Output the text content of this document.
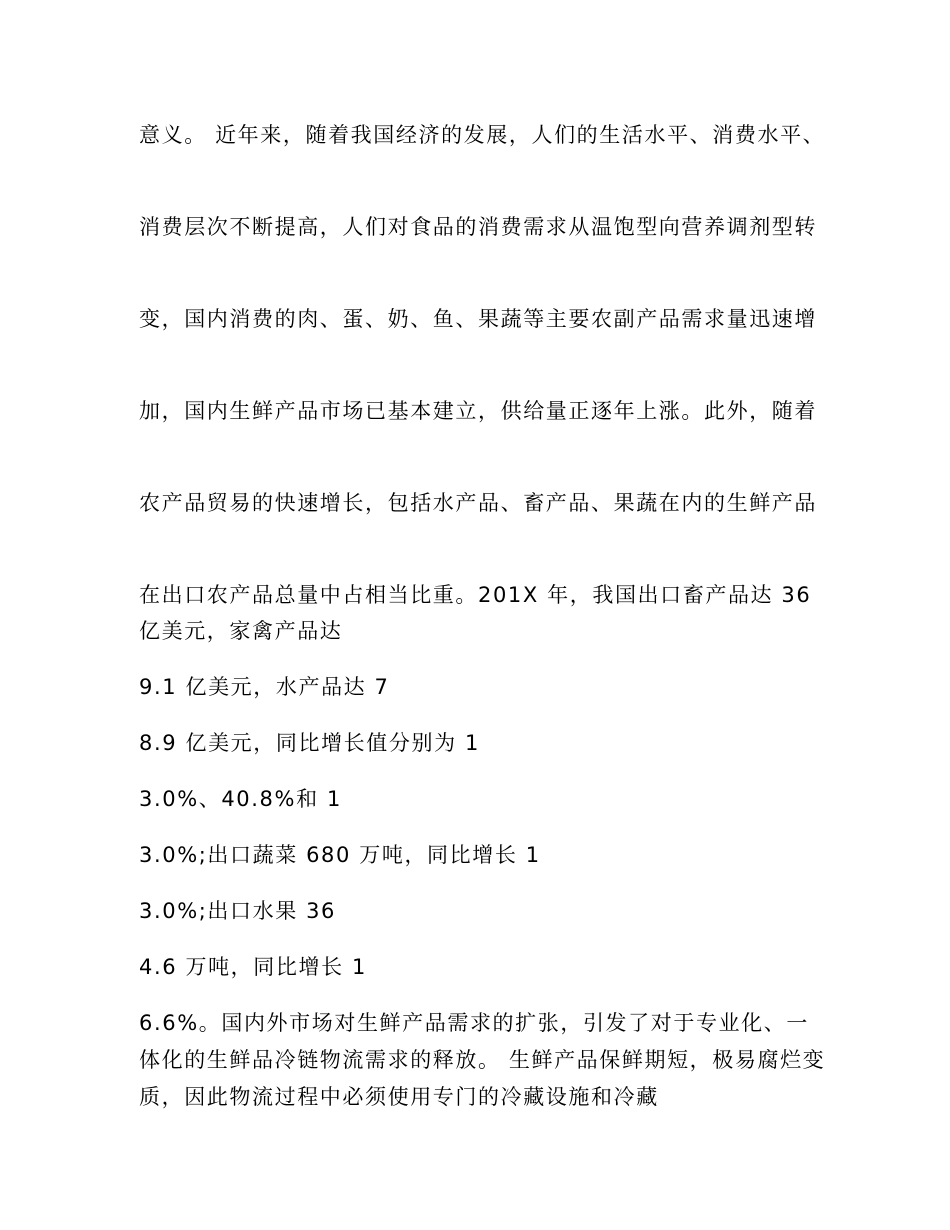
意义。 近年来，随着我国经济的发展，人们的生活水平、消费水平、

消费层次不断提高，人们对食品的消费需求从温饱型向营养调剂型转

变，国内消费的肉、蛋、奶、鱼、果蔬等主要农副产品需求量迅速增

加，国内生鲜产品市场已基本建立，供给量正逐年上涨。此外，随着

农产品贸易的快速增长，包括水产品、畜产品、果蔬在内的生鲜产品

在出口农产品总量中占相当比重。201X 年，我国出口畜产品达 36 亿美元，家禽产品达

9.1 亿美元，水产品达 7

8.9 亿美元，同比增长值分别为 1

3.0%、40.8%和 1

3.0%;出口蔬菜 680 万吨，同比增长 1

3.0%;出口水果 36

4.6 万吨，同比增长 1

6.6%。国内外市场对生鲜产品需求的扩张，引发了对于专业化、一体化的生鲜品冷链物流需求的释放。 生鲜产品保鲜期短，极易腐烂变质，因此物流过程中必须使用专门的冷藏设施和冷藏
